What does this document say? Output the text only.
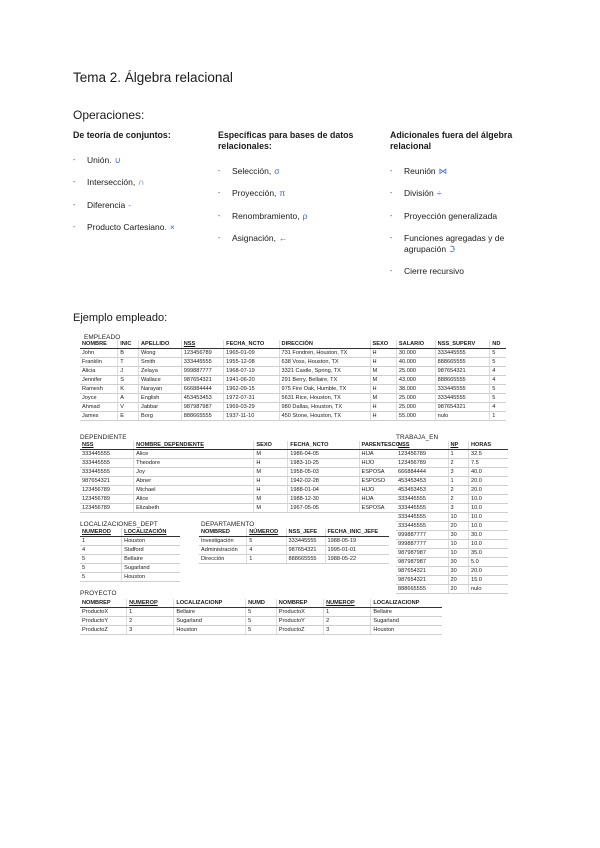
Tema 2. Álgebra relacional
Operaciones:
De teoría de conjuntos:
- Unión. ∪
- Intersección, ∩
- Diferencia -
- Producto Cartesiano. ×
Específicas para bases de datos relacionales:
- Selección, σ
- Proyección, π
- Renombramiento, ρ
- Asignación, ←
Adicionales fuera del álgebra relacional
- Reunión ⋈
- División ÷
- Proyección generalizada
- Funciones agregadas y de agrupación ℑ
- Cierre recursivo
Ejemplo empleado:
EMPLEADO
NOMBRE	INIC	APELLIDO	NSS	FECHA_NCTO	DIRECCIÓN	SEXO	SALARIO	NSS_SUPERV	ND
John	B	Wong	123456789	1965-01-09	731 Fondren, Houston, TX	H	30.000	333445555	5
Franklin	T	Smith	333445555	1955-12-08	638 Voss, Houston, TX	H	40.000	888665555	5
Alicia	J	Zelaya	999887777	1968-07-19	3321 Castle, Spring, TX	M	25.000	987654321	4
Jennifer	S	Wallace	987654321	1941-06-20	291 Berry, Bellaire, TX	M	43.000	888665555	4
Ramesh	K	Narayan	666884444	1962-09-15	975 Fire Oak, Humble, TX	H	38.000	333445555	5
Joyce	A	English	453453453	1972-07-31	5631 Rice, Houston, TX	M	25.000	333445555	5
Ahmad	V	Jabbar	987987987	1969-03-29	980 Dallas, Houston, TX	H	25.000	987654321	4
James	E	Borg	888665555	1937-11-10	450 Stone, Houston, TX	H	55.000	nulo	1
DEPENDIENTE
NSS	NOMBRE_DEPENDIENTE	SEXO	FECHA_NCTO	PARENTESCO
333445555	Alice	M	1986-04-05	HIJA
333445555	Theodore	H	1983-10-25	HIJO
333445555	Joy	M	1958-05-03	ESPOSA
987654321	Abner	H	1942-02-28	ESPOSO
123456789	Michael	H	1988-01-04	HIJO
123456789	Alice	M	1988-12-30	HIJA
123456789	Elizabeth	M	1967-05-05	ESPOSA
TRABAJA_EN
NSS	NP	HORAS
123456789	1	32.5
123456789	2	7.5
666884444	3	40.0
453453453	1	20.0
453453453	2	20.0
333445555	2	10.0
333445555	3	10.0
333445555	10	10.0
333445555	20	10.0
999887777	30	30.0
999887777	10	10.0
987987987	10	35.0
987987987	30	5.0
987654321	30	20.0
987654321	20	15.0
888665555	20	nulo
LOCALIZACIONES_DEPT
NUMEROD	LOCALIZACIÓN
1	Houston
4	Stafford
5	Bellaire
5	Sugarland
5	Houston
DEPARTAMENTO
NOMBRED	NÚMEROD	NSS_JEFE	FECHA_INIC_JEFE
Investigación	5	333445555	1988-05-19
Administración	4	987654321	1995-01-01
Dirección	1	888665555	1988-05-22
PROYECTO
NOMBREP	NUMEROP	LOCALIZACIONP	NUMD	NOMBREP	NUMEROP	LOCALIZACIONP
ProductoX	1	Bellaire	5	ProductoX	1	Bellaire
ProductoY	2	Sugarland	5	ProductoY	2	Sugarland
ProductoZ	3	Houston	5	ProductoZ	3	Houston
